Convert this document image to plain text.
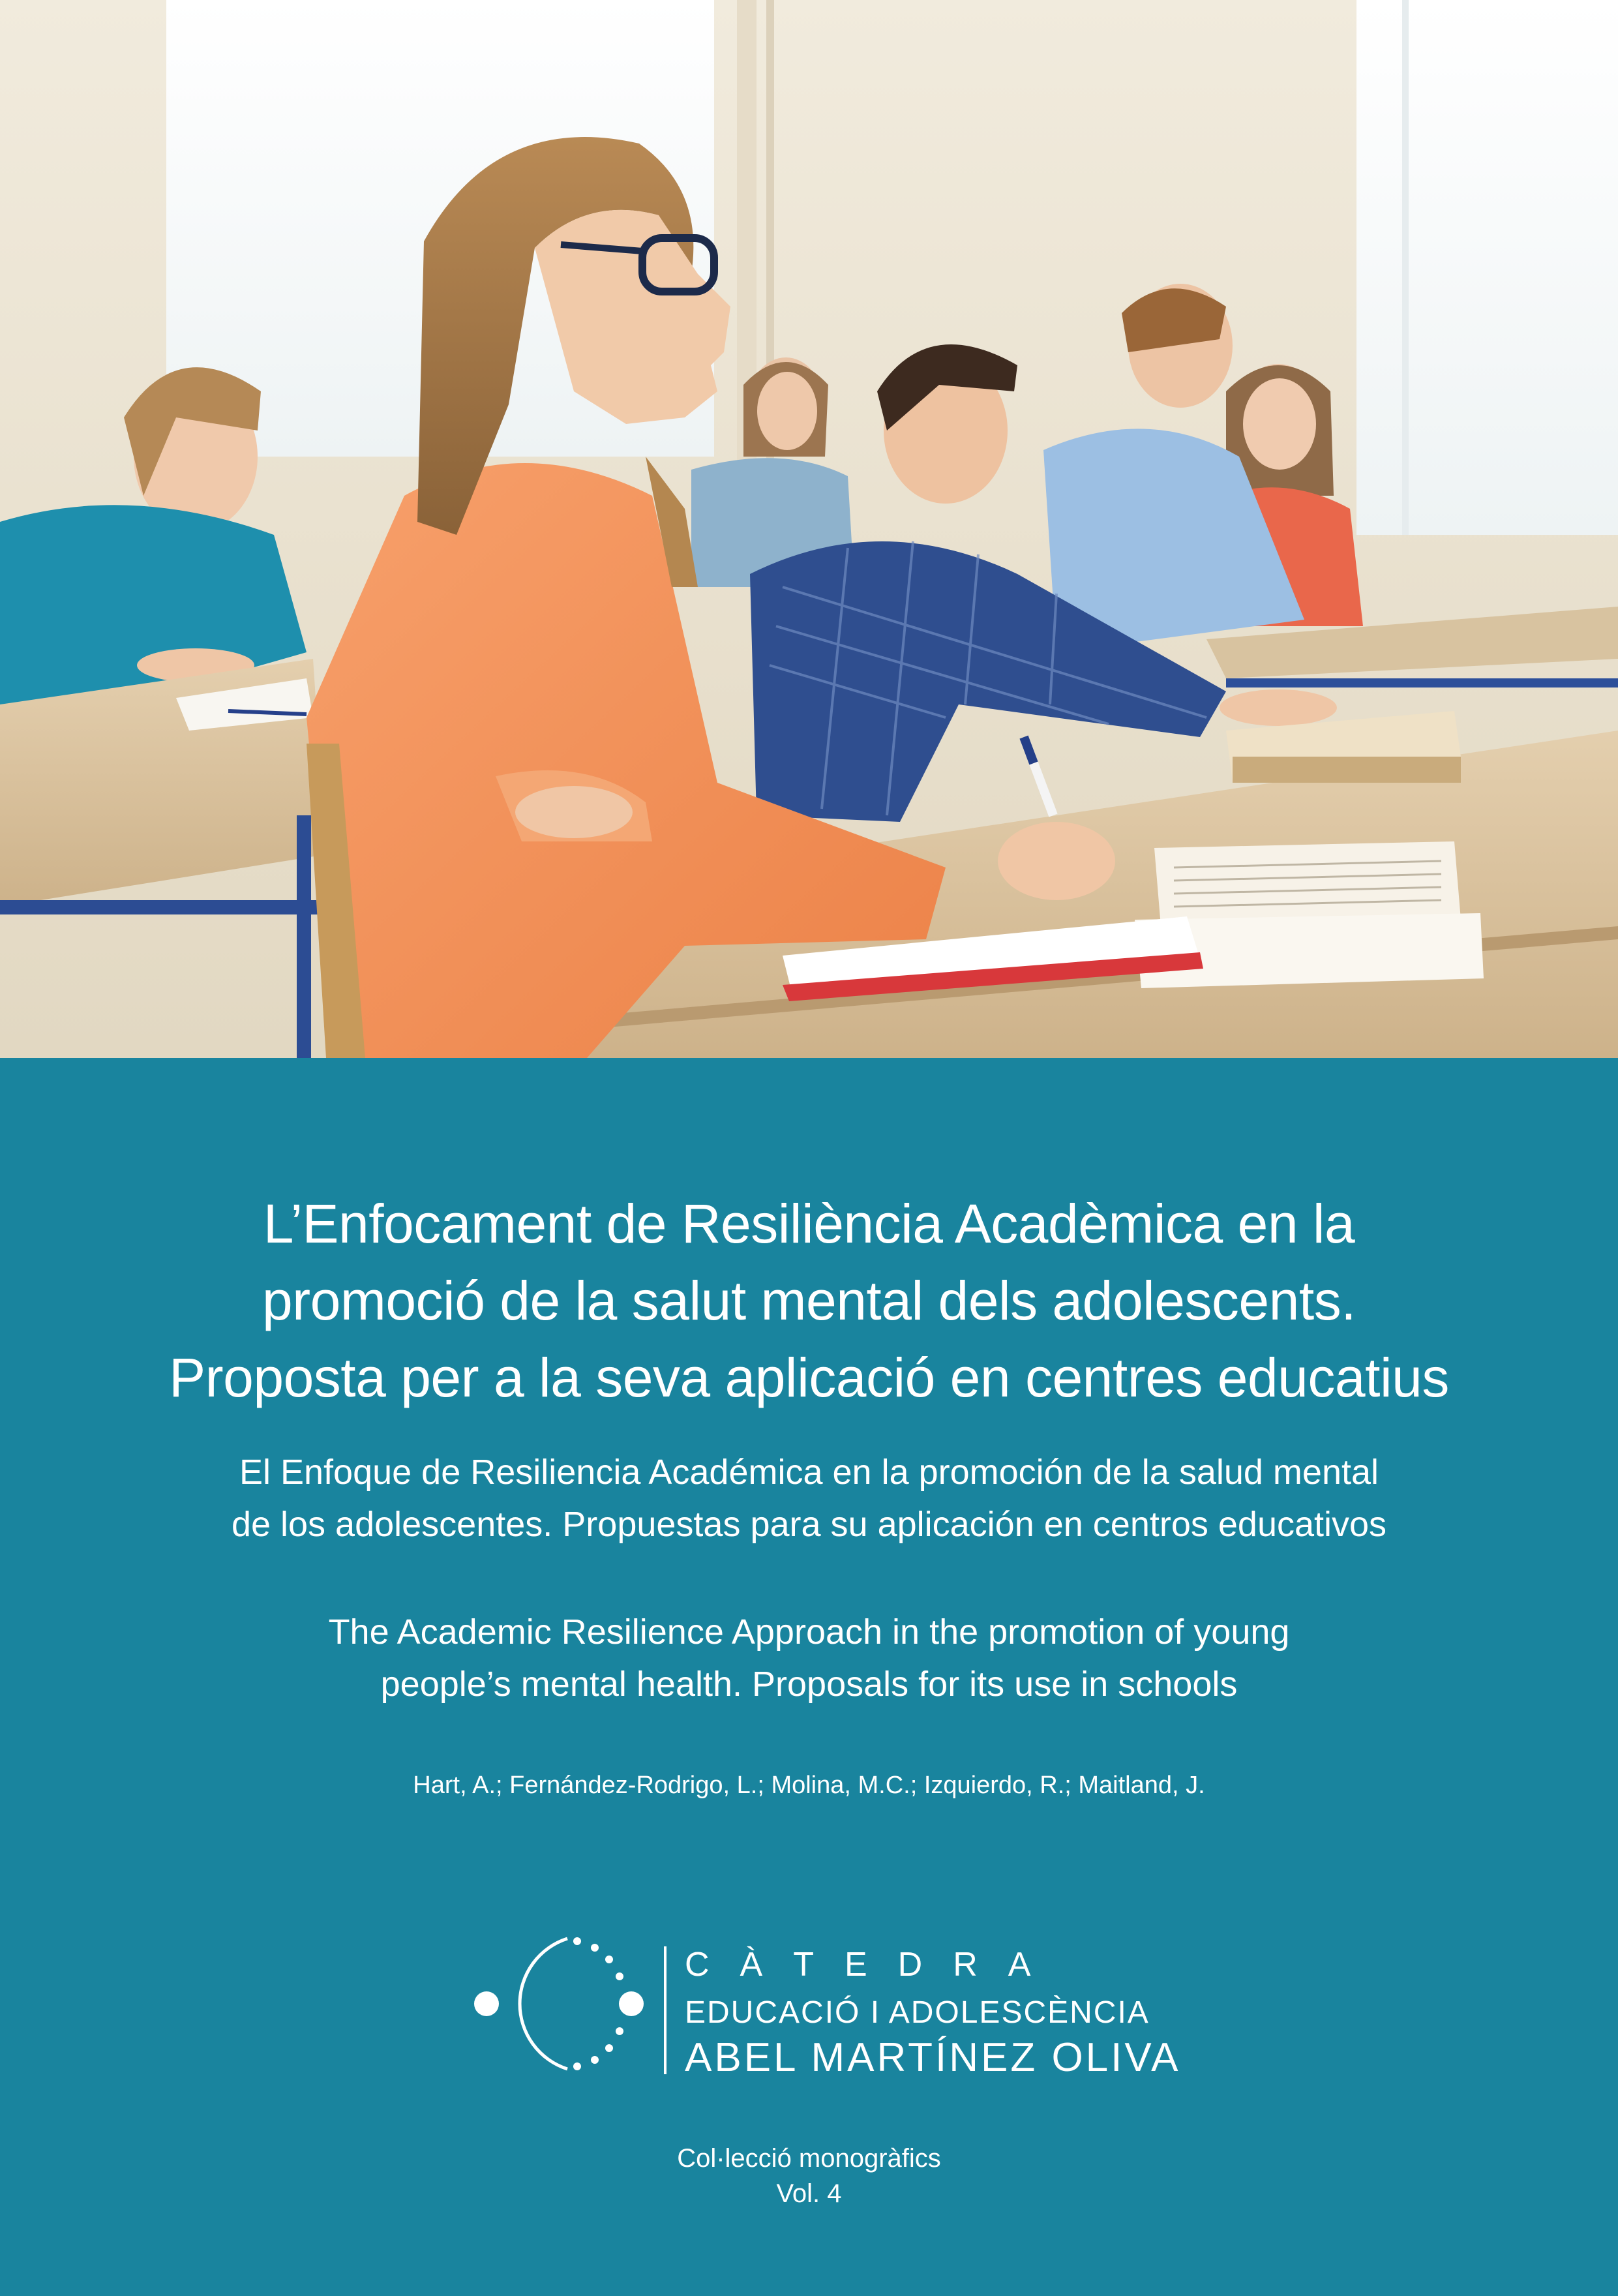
L’Enfocament de Resiliència Acadèmica en la
promoció de la salut mental dels adolescents.
Proposta per a la seva aplicació en centres educatius
El Enfoque de Resiliencia Académica en la promoción de la salud mental
de los adolescentes. Propuestas para su aplicación en centros educativos
The Academic Resilience Approach in the promotion of young
people’s mental health. Proposals for its use in schools
Hart, A.; Fernández-Rodrigo, L.; Molina, M.C.; Izquierdo, R.; Maitland, J.
CÀTEDRA
EDUCACIÓ I ADOLESCÈNCIA
ABEL MARTÍNEZ OLIVA
Col·lecció monogràfics
Vol. 4
